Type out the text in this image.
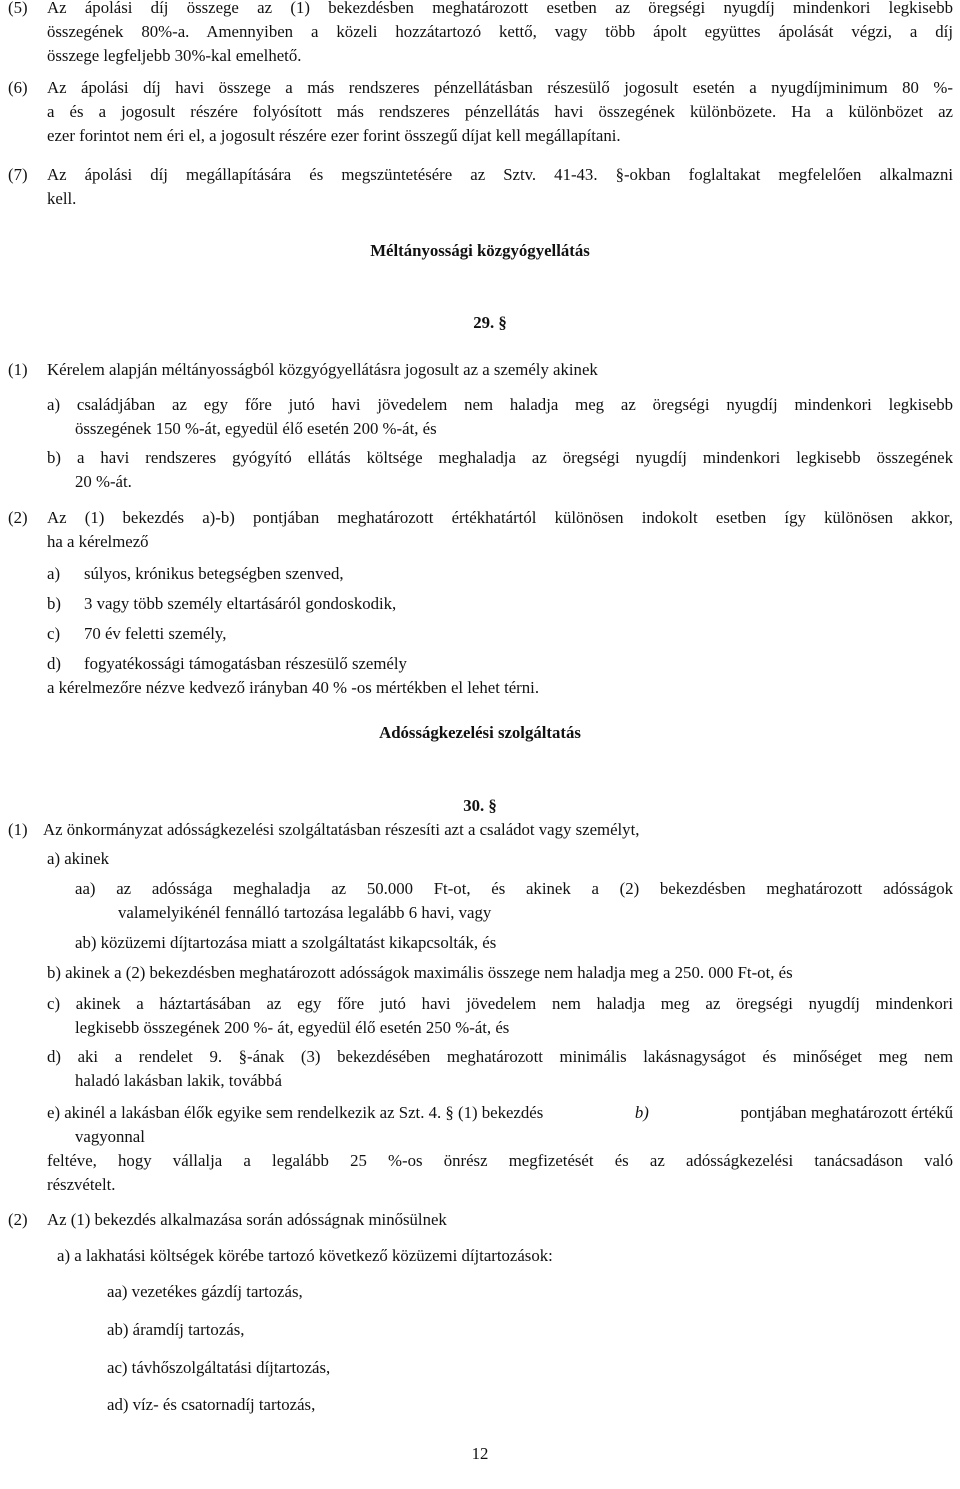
(5) Az ápolási díj összege az (1) bekezdésben meghatározott esetben az öregségi nyugdíj mindenkori legkisebb

összegének 80%-a. Amennyiben a közeli hozzátartozó kettő, vagy több ápolt együttes ápolását végzi, a díj

összege legfeljebb 30%-kal emelhető.

(6) Az ápolási díj havi összege a más rendszeres pénzellátásban részesülő jogosult esetén a nyugdíjminimum 80 %-

a és a jogosult részére folyósított más rendszeres pénzellátás havi összegének különbözete. Ha a különbözet az

ezer forintot nem éri el, a jogosult részére ezer forint összegű díjat kell megállapítani.

(7) Az ápolási díj megállapítására és megszüntetésére az Sztv. 41-43. §-okban foglaltakat megfelelően alkalmazni

kell.

Méltányossági közgyógyellátás
29. §
(1) Kérelem alapján méltányosságból közgyógyellátásra jogosult az a személy akinek

a) családjában az egy főre jutó havi jövedelem nem haladja meg az öregségi nyugdíj mindenkori legkisebb

összegének 150 %-át, egyedül élő esetén 200 %-át, és

b) a havi rendszeres gyógyító ellátás költsége meghaladja az öregségi nyugdíj mindenkori legkisebb összegének

20 %-át.

(2) Az (1) bekezdés a)-b) pontjában meghatározott értékhatártól különösen indokolt esetben így különösen akkor,

ha a kérelmező

a) súlyos, krónikus betegségben szenved,
b) 3 vagy több személy eltartásáról gondoskodik,
c) 70 év feletti személy,
d) fogyatékossági támogatásban részesülő személy

a kérelmezőre nézve kedvező irányban 40 % -os mértékben el lehet térni.

Adósságkezelési szolgáltatás
30. §
(1) Az önkormányzat adósságkezelési szolgáltatásban részesíti azt a családot vagy személyt,

a) akinek

aa) az adóssága meghaladja az 50.000 Ft-ot, és akinek a (2) bekezdésben meghatározott adósságok

valamelyikénél fennálló tartozása legalább 6 havi, vagy

ab) közüzemi díjtartozása miatt a szolgáltatást kikapcsolták, és

b) akinek a (2) bekezdésben meghatározott adósságok maximális összege nem haladja meg a 250. 000 Ft-ot, és

c) akinek a háztartásában az egy főre jutó havi jövedelem nem haladja meg az öregségi nyugdíj mindenkori

legkisebb összegének 200 %- át, egyedül élő esetén 250 %-át, és

d) aki a rendelet 9. §-ának (3) bekezdésében meghatározott minimális lakásnagyságot és minőséget meg nem

haladó lakásban lakik, továbbá

e) akinél a lakásban élők egyike sem rendelkezik az Szt. 4. § (1) bekezdés	b)	pontjában meghatározott értékű

vagyonnal

feltéve, hogy vállalja a legalább 25 %-os önrész megfizetését és az adósságkezelési tanácsadáson való

részvételt.

(2) Az (1) bekezdés alkalmazása során adósságnak minősülnek

a) a lakhatási költségek körébe tartozó következő közüzemi díjtartozások:

aa) vezetékes gázdíj tartozás,

ab) áramdíj tartozás,

ac) távhőszolgáltatási díjtartozás,

ad) víz- és csatornadíj tartozás,

12
